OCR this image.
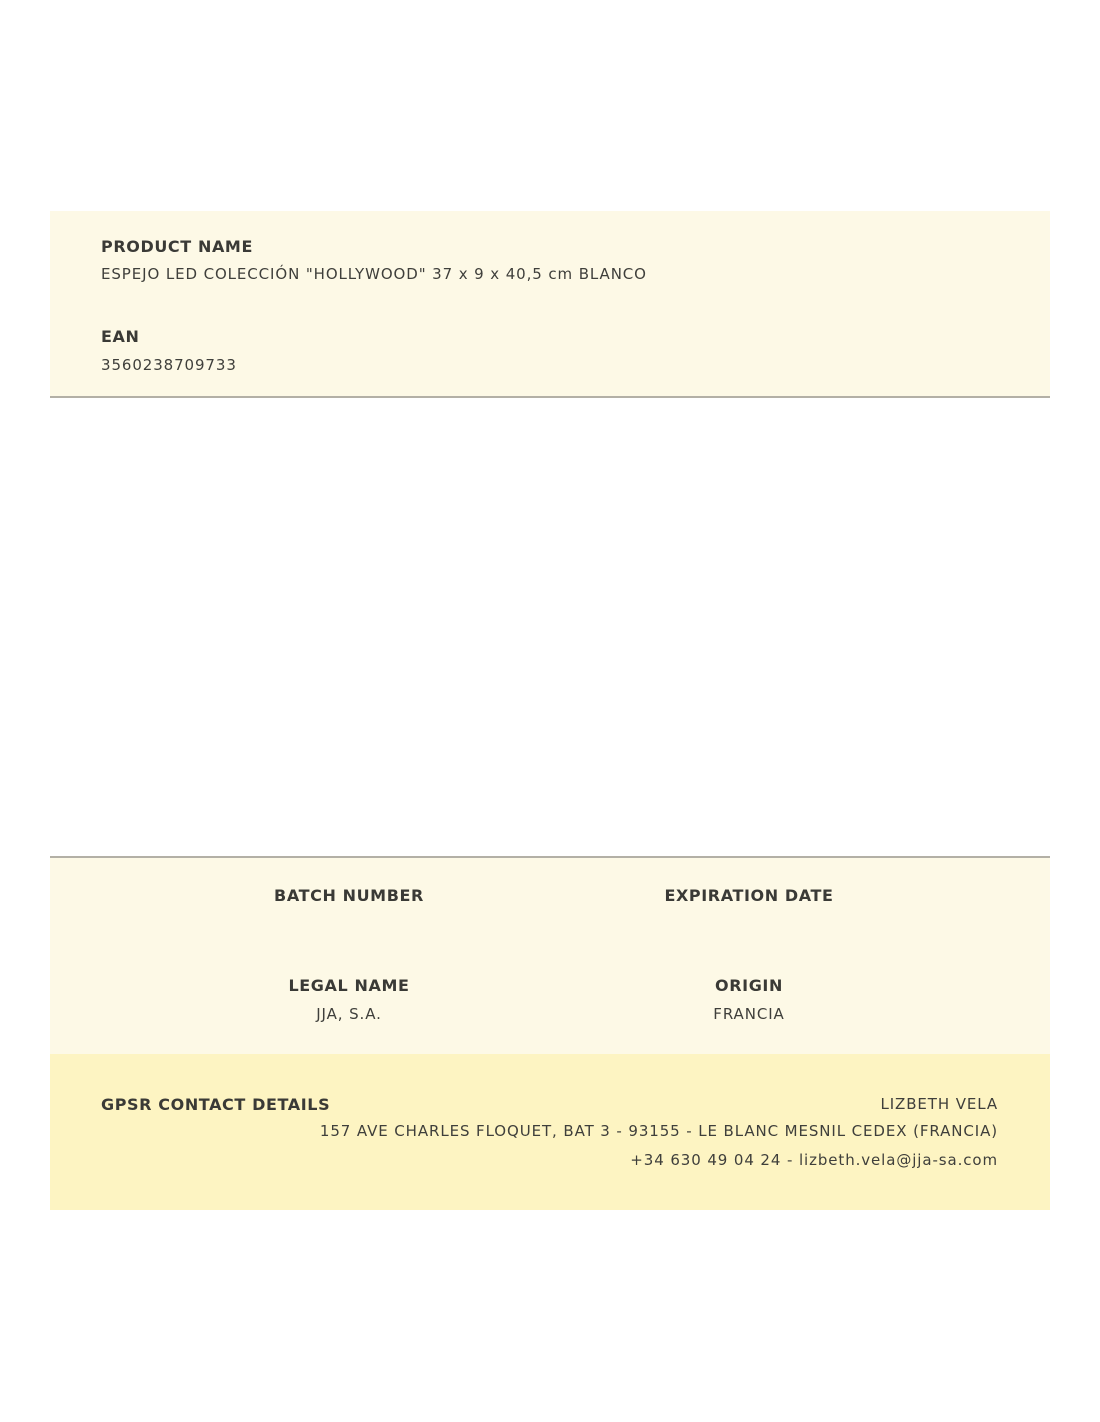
PRODUCT NAME
ESPEJO LED COLECCIÓN "HOLLYWOOD" 37 x 9 x 40,5 cm BLANCO
EAN
3560238709733
BATCH NUMBER	EXPIRATION DATE
LEGAL NAME
JJA, S.A.
ORIGIN
FRANCIA
GPSR CONTACT DETAILS	LIZBETH VELA
157 AVE CHARLES FLOQUET, BAT 3 - 93155 - LE BLANC MESNIL CEDEX (FRANCIA)
+34 630 49 04 24 - lizbeth.vela@jja-sa.com
